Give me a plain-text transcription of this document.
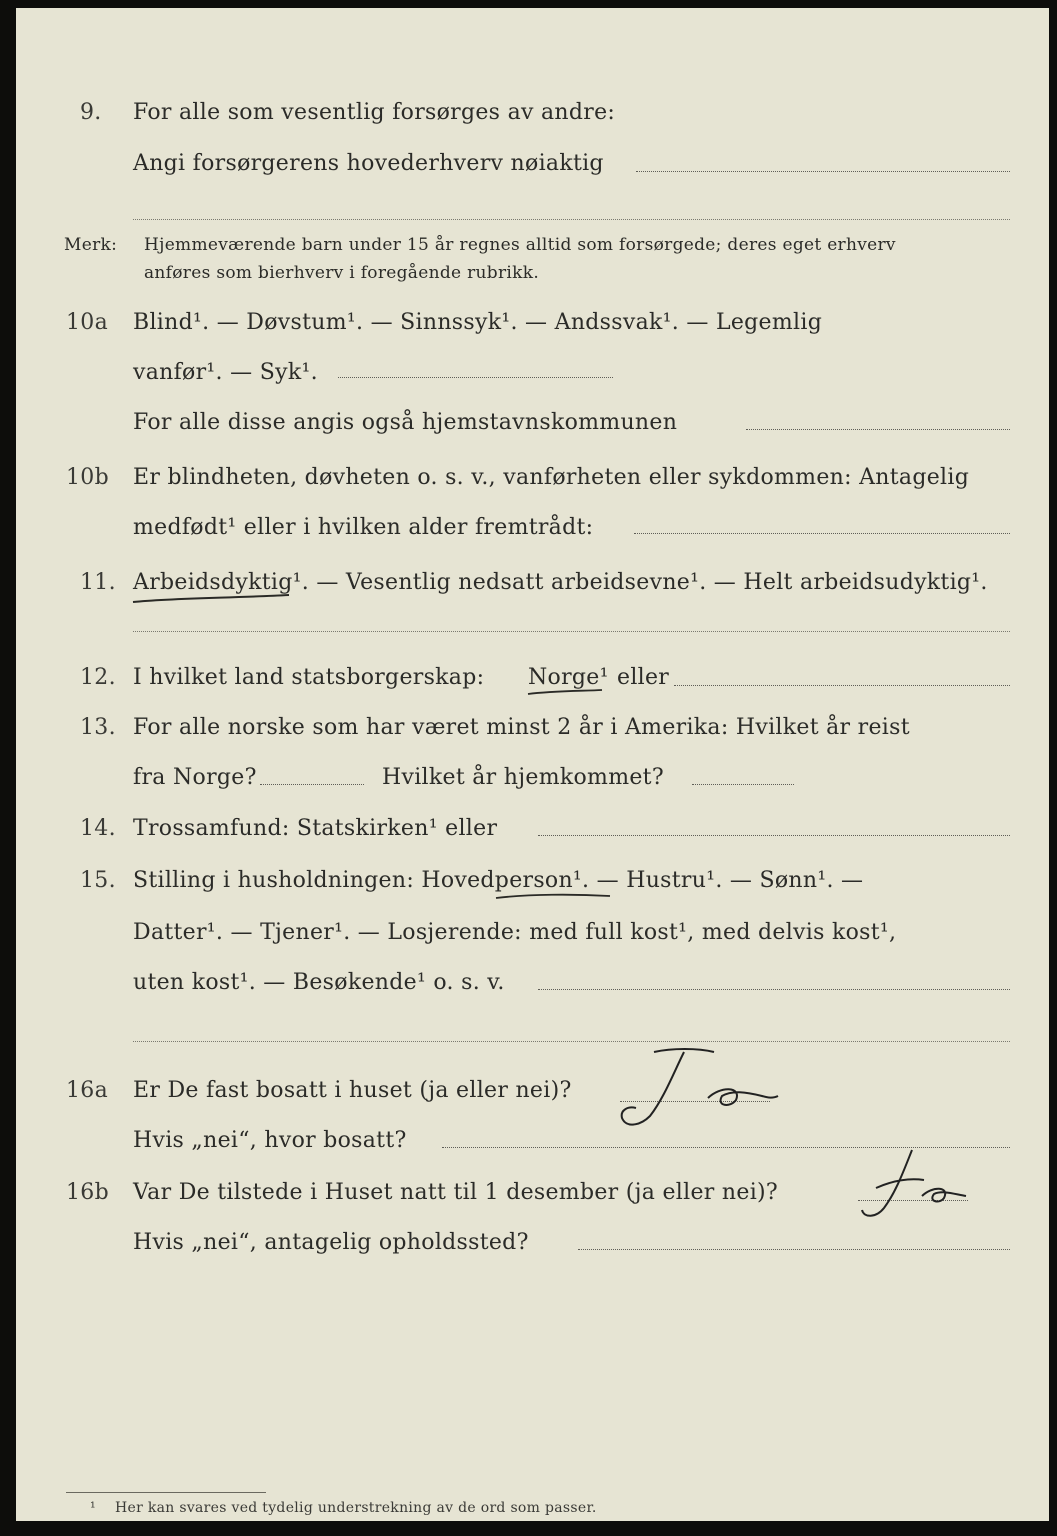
9. For alle som vesentlig forsørges av andre:
Angi forsørgerens hovederhverv nøiaktig
Merk: Hjemmeværende barn under 15 år regnes alltid som forsørgede; deres eget erhverv
anføres som bierhverv i foregående rubrikk.
10a Blind¹. — Døvstum¹. — Sinnssyk¹. — Andssvak¹. — Legemlig
vanfør¹. — Syk¹.
For alle disse angis også hjemstavnskommunen
10b Er blindheten, døvheten o. s. v., vanførheten eller sykdommen: Antagelig
medfødt¹ eller i hvilken alder fremtrådt:
11. Arbeidsdyktig¹. — Vesentlig nedsatt arbeidsevne¹. — Helt arbeidsudyktig¹.
12. I hvilket land statsborgerskap: Norge¹ eller
13. For alle norske som har været minst 2 år i Amerika: Hvilket år reist
fra Norge?	Hvilket år hjemkommet?
14. Trossamfund: Statskirken¹ eller
15. Stilling i husholdningen: Hovedperson¹. — Hustru¹. — Sønn¹. —
Datter¹. — Tjener¹. — Losjerende: med full kost¹, med delvis kost¹,
uten kost¹. — Besøkende¹ o. s. v.
16a Er De fast bosatt i huset (ja eller nei)?
Hvis „nei“, hvor bosatt?
16b Var De tilstede i Huset natt til 1 desember (ja eller nei)?
Hvis „nei“, antagelig opholdssted?
¹ Her kan svares ved tydelig understrekning av de ord som passer.
